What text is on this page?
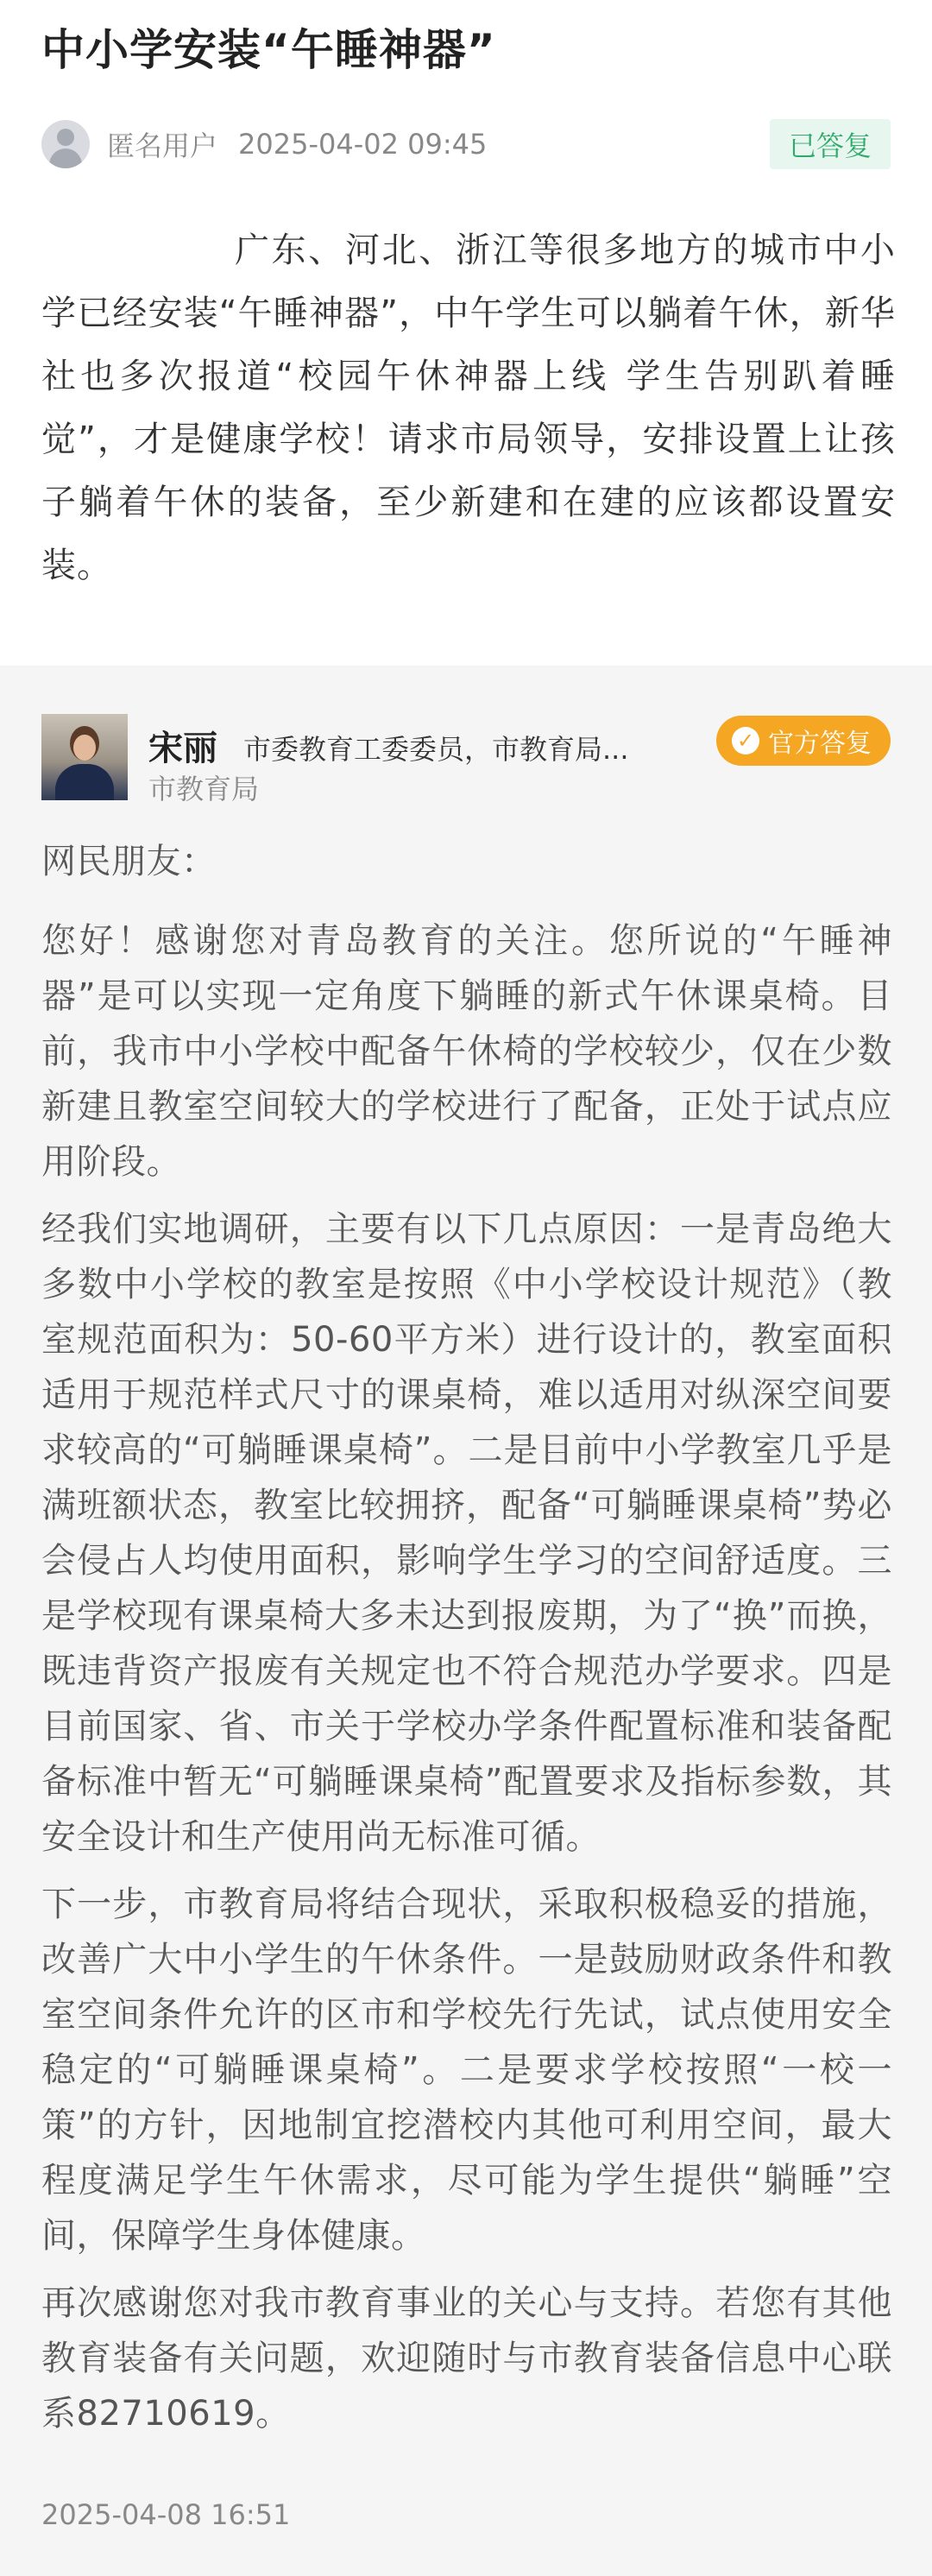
中小学安装“午睡神器”
匿名用户 2025-04-02 09:45	已答复

广东、河北、浙江等很多地方的城市中小学已经安装“午睡神器”，中午学生可以躺着午休，新华社也多次报道“校园午休神器上线 学生告别趴着睡觉”，才是健康学校！请求市局领导，安排设置上让孩子躺着午休的装备，至少新建和在建的应该都设置安装。

宋丽 市委教育工委委员，市教育局...
市教育局
✓ 官方答复

网民朋友：

您好！感谢您对青岛教育的关注。您所说的“午睡神器”是可以实现一定角度下躺睡的新式午休课桌椅。目前，我市中小学校中配备午休椅的学校较少，仅在少数新建且教室空间较大的学校进行了配备，正处于试点应用阶段。

经我们实地调研，主要有以下几点原因：一是青岛绝大多数中小学校的教室是按照《中小学校设计规范》（教室规范面积为：50-60平方米）进行设计的，教室面积适用于规范样式尺寸的课桌椅，难以适用对纵深空间要求较高的“可躺睡课桌椅”。二是目前中小学教室几乎是满班额状态，教室比较拥挤，配备“可躺睡课桌椅”势必会侵占人均使用面积，影响学生学习的空间舒适度。三是学校现有课桌椅大多未达到报废期，为了“换”而换，既违背资产报废有关规定也不符合规范办学要求。四是目前国家、省、市关于学校办学条件配置标准和装备配备标准中暂无“可躺睡课桌椅”配置要求及指标参数，其安全设计和生产使用尚无标准可循。

下一步，市教育局将结合现状，采取积极稳妥的措施，改善广大中小学生的午休条件。一是鼓励财政条件和教室空间条件允许的区市和学校先行先试，试点使用安全稳定的“可躺睡课桌椅”。二是要求学校按照“一校一策”的方针，因地制宜挖潜校内其他可利用空间，最大程度满足学生午休需求，尽可能为学生提供“躺睡”空间，保障学生身体健康。

再次感谢您对我市教育事业的关心与支持。若您有其他教育装备有关问题，欢迎随时与市教育装备信息中心联系82710619。

2025-04-08 16:51
